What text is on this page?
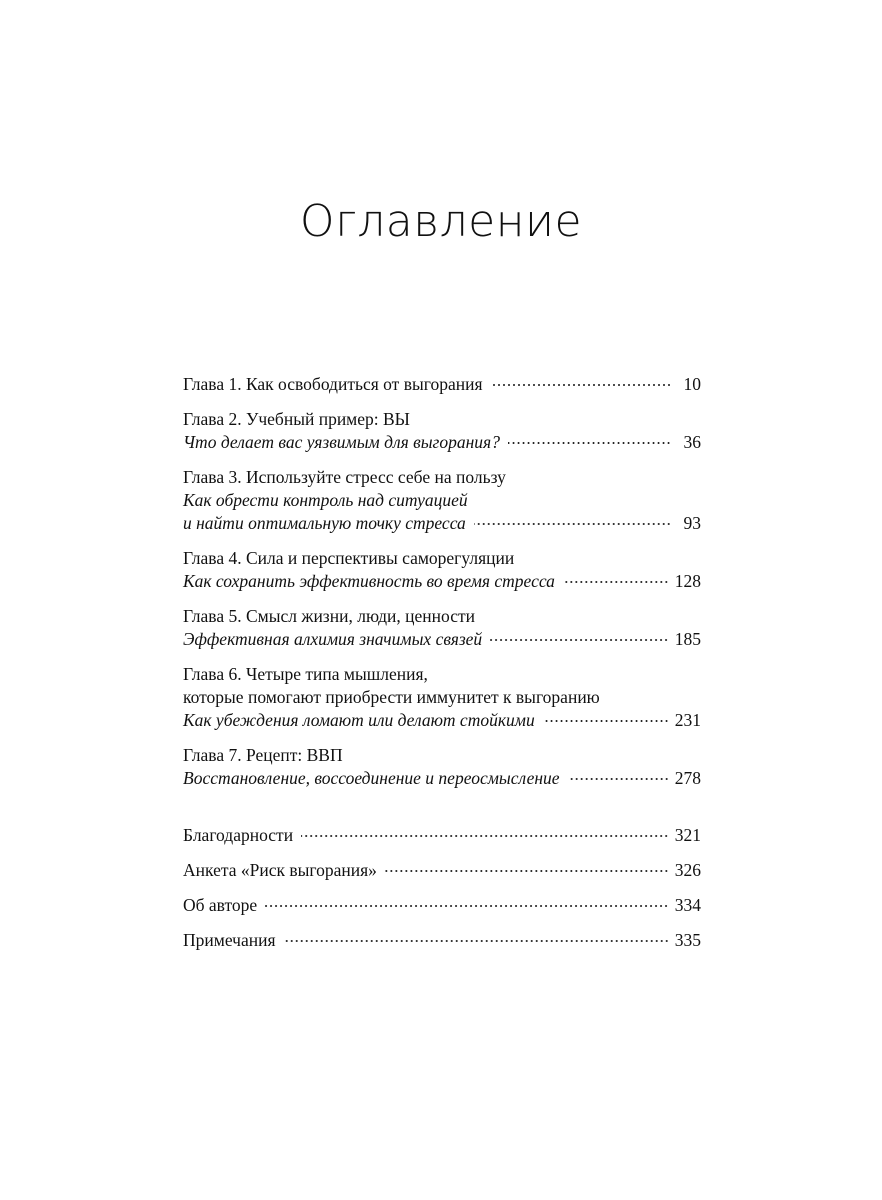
Оглавление
Глава 1. Как освободиться от выгорания	10
Глава 2. Учебный пример: ВЫ
Что делает вас уязвимым для выгорания?	36
Глава 3. Используйте стресс себе на пользу
Как обрести контроль над ситуацией
и найти оптимальную точку стресса	93
Глава 4. Сила и перспективы саморегуляции
Как сохранить эффективность во время стресса	128
Глава 5. Смысл жизни, люди, ценности
Эффективная алхимия значимых связей	185
Глава 6. Четыре типа мышления,
которые помогают приобрести иммунитет к выгоранию
Как убеждения ломают или делают стойкими	231
Глава 7. Рецепт: ВВП
Восстановление, воссоединение и переосмысление	278
Благодарности	321
Анкета «Риск выгорания»	326
Об авторе	334
Примечания	335
